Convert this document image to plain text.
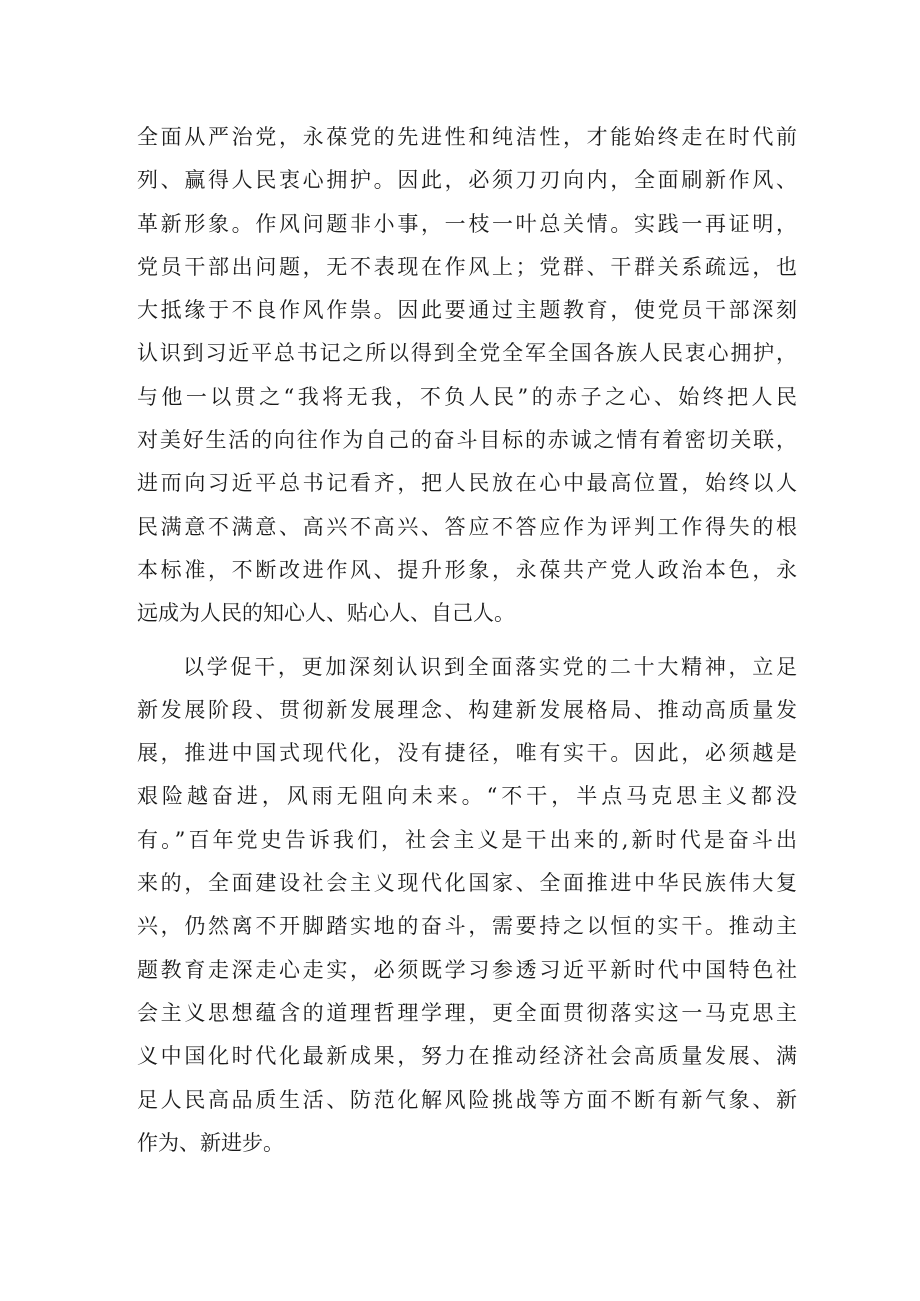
全面从严治党，永葆党的先进性和纯洁性，才能始终走在时代前
列、赢得人民衷心拥护。因此，必须刀刃向内，全面刷新作风、
革新形象。作风问题非小事，一枝一叶总关情。实践一再证明，
党员干部出问题，无不表现在作风上；党群、干群关系疏远，也
大抵缘于不良作风作祟。因此要通过主题教育，使党员干部深刻
认识到习近平总书记之所以得到全党全军全国各族人民衷心拥护，
与他一以贯之“我将无我，不负人民”的赤子之心、始终把人民
对美好生活的向往作为自己的奋斗目标的赤诚之情有着密切关联，
进而向习近平总书记看齐，把人民放在心中最高位置，始终以人
民满意不满意、高兴不高兴、答应不答应作为评判工作得失的根
本标准，不断改进作风、提升形象，永葆共产党人政治本色，永
远成为人民的知心人、贴心人、自己人。
以学促干，更加深刻认识到全面落实党的二十大精神，立足
新发展阶段、贯彻新发展理念、构建新发展格局、推动高质量发
展，推进中国式现代化，没有捷径，唯有实干。因此，必须越是
艰险越奋进，风雨无阻向未来。“不干，半点马克思主义都没
有。”百年党史告诉我们，社会主义是干出来的,新时代是奋斗出
来的，全面建设社会主义现代化国家、全面推进中华民族伟大复
兴，仍然离不开脚踏实地的奋斗，需要持之以恒的实干。推动主
题教育走深走心走实，必须既学习参透习近平新时代中国特色社
会主义思想蕴含的道理哲理学理，更全面贯彻落实这一马克思主
义中国化时代化最新成果，努力在推动经济社会高质量发展、满
足人民高品质生活、防范化解风险挑战等方面不断有新气象、新
作为、新进步。
